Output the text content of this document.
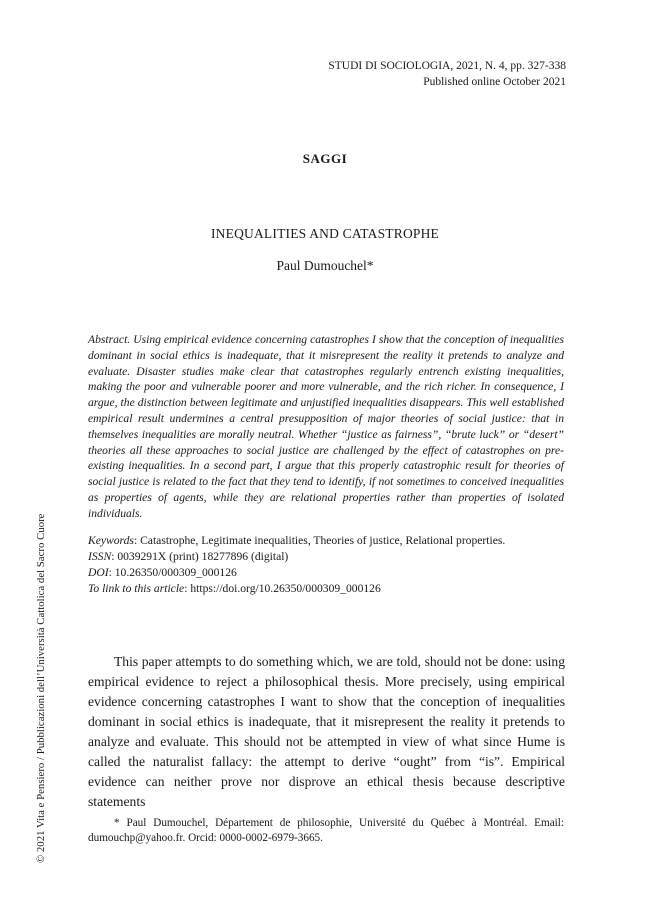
STUDI DI SOCIOLOGIA, 2021, N. 4, pp. 327-338
Published online October 2021
SAGGI
INEQUALITIES AND CATASTROPHE
Paul Dumouchel*

Abstract. Using empirical evidence concerning catastrophes I show that the conception of inequalities dominant in social ethics is inadequate, that it misrepresent the reality it pretends to analyze and evaluate. Disaster studies make clear that catastrophes regularly entrench existing inequalities, making the poor and vulnerable poorer and more vulnerable, and the rich richer. In consequence, I argue, the distinction between legitimate and unjustified inequalities disappears. This well established empirical result undermines a central presupposition of major theories of social justice: that in themselves inequalities are morally neutral. Whether “justice as fairness”, “brute luck” or “desert” theories all these approaches to social justice are challenged by the effect of catastrophes on pre-existing inequalities. In a second part, I argue that this properly catastrophic result for theories of social justice is related to the fact that they tend to identify, if not sometimes to conceived inequalities as properties of agents, while they are relational properties rather than properties of isolated individuals.

Keywords: Catastrophe, Legitimate inequalities, Theories of justice, Relational properties.
ISSN: 0039291X (print) 18277896 (digital)
DOI: 10.26350/000309_000126
To link to this article: https://doi.org/10.26350/000309_000126

This paper attempts to do something which, we are told, should not be done: using empirical evidence to reject a philosophical thesis. More precisely, using empirical evidence concerning catastrophes I want to show that the conception of inequalities dominant in social ethics is inadequate, that it misrepresent the reality it pretends to analyze and evaluate. This should not be attempted in view of what since Hume is called the naturalist fallacy: the attempt to derive “ought” from “is”. Empirical evidence can neither prove nor disprove an ethical thesis because descriptive statements

* Paul Dumouchel, Département de philosophie, Université du Québec à Montréal. Email: dumouchp@yahoo.fr. Orcid: 0000-0002-6979-3665.

© 2021 Vita e Pensiero / Pubblicazioni dell’Università Cattolica del Sacro Cuore
